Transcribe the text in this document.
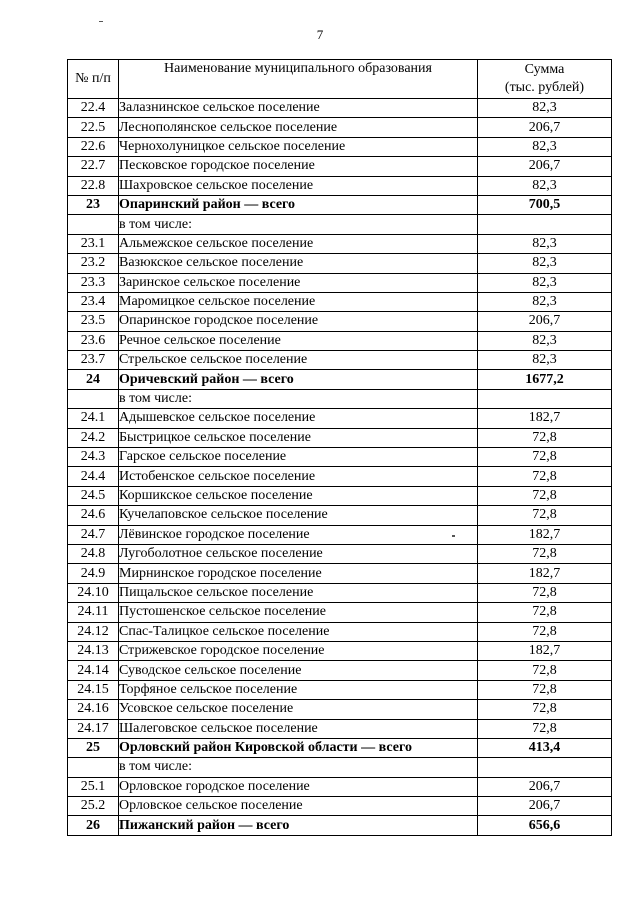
7
№ п/п	Наименование муниципального образования	Сумма
(тыс. рублей)
22.4	Залазнинское сельское поселение	82,3
22.5	Леснополянское сельское поселение	206,7
22.6	Чернохолуницкое сельское поселение	82,3
22.7	Песковское городское поселение	206,7
22.8	Шахровское сельское поселение	82,3
23	Опаринский район — всего	700,5
	в том числе:	
23.1	Альмежское сельское поселение	82,3
23.2	Вазюкское сельское поселение	82,3
23.3	Заринское сельское поселение	82,3
23.4	Маромицкое сельское поселение	82,3
23.5	Опаринское городское поселение	206,7
23.6	Речное сельское поселение	82,3
23.7	Стрельское сельское поселение	82,3
24	Оричевский район — всего	1677,2
	в том числе:	
24.1	Адышевское сельское поселение	182,7
24.2	Быстрицкое сельское поселение	72,8
24.3	Гарское сельское поселение	72,8
24.4	Истобенское сельское поселение	72,8
24.5	Коршикское сельское поселение	72,8
24.6	Кучелаповское сельское поселение	72,8
24.7	Лёвинское городское поселение	182,7
24.8	Лугоболотное сельское поселение	72,8
24.9	Мирнинское городское поселение	182,7
24.10	Пищальское сельское поселение	72,8
24.11	Пустошенское сельское поселение	72,8
24.12	Спас-Талицкое сельское поселение	72,8
24.13	Стрижевское городское поселение	182,7
24.14	Суводское сельское поселение	72,8
24.15	Торфяное сельское поселение	72,8
24.16	Усовское сельское поселение	72,8
24.17	Шалеговское сельское поселение	72,8
25	Орловский район Кировской области — всего	413,4
	в том числе:	
25.1	Орловское городское поселение	206,7
25.2	Орловское сельское поселение	206,7
26	Пижанский район — всего	656,6
